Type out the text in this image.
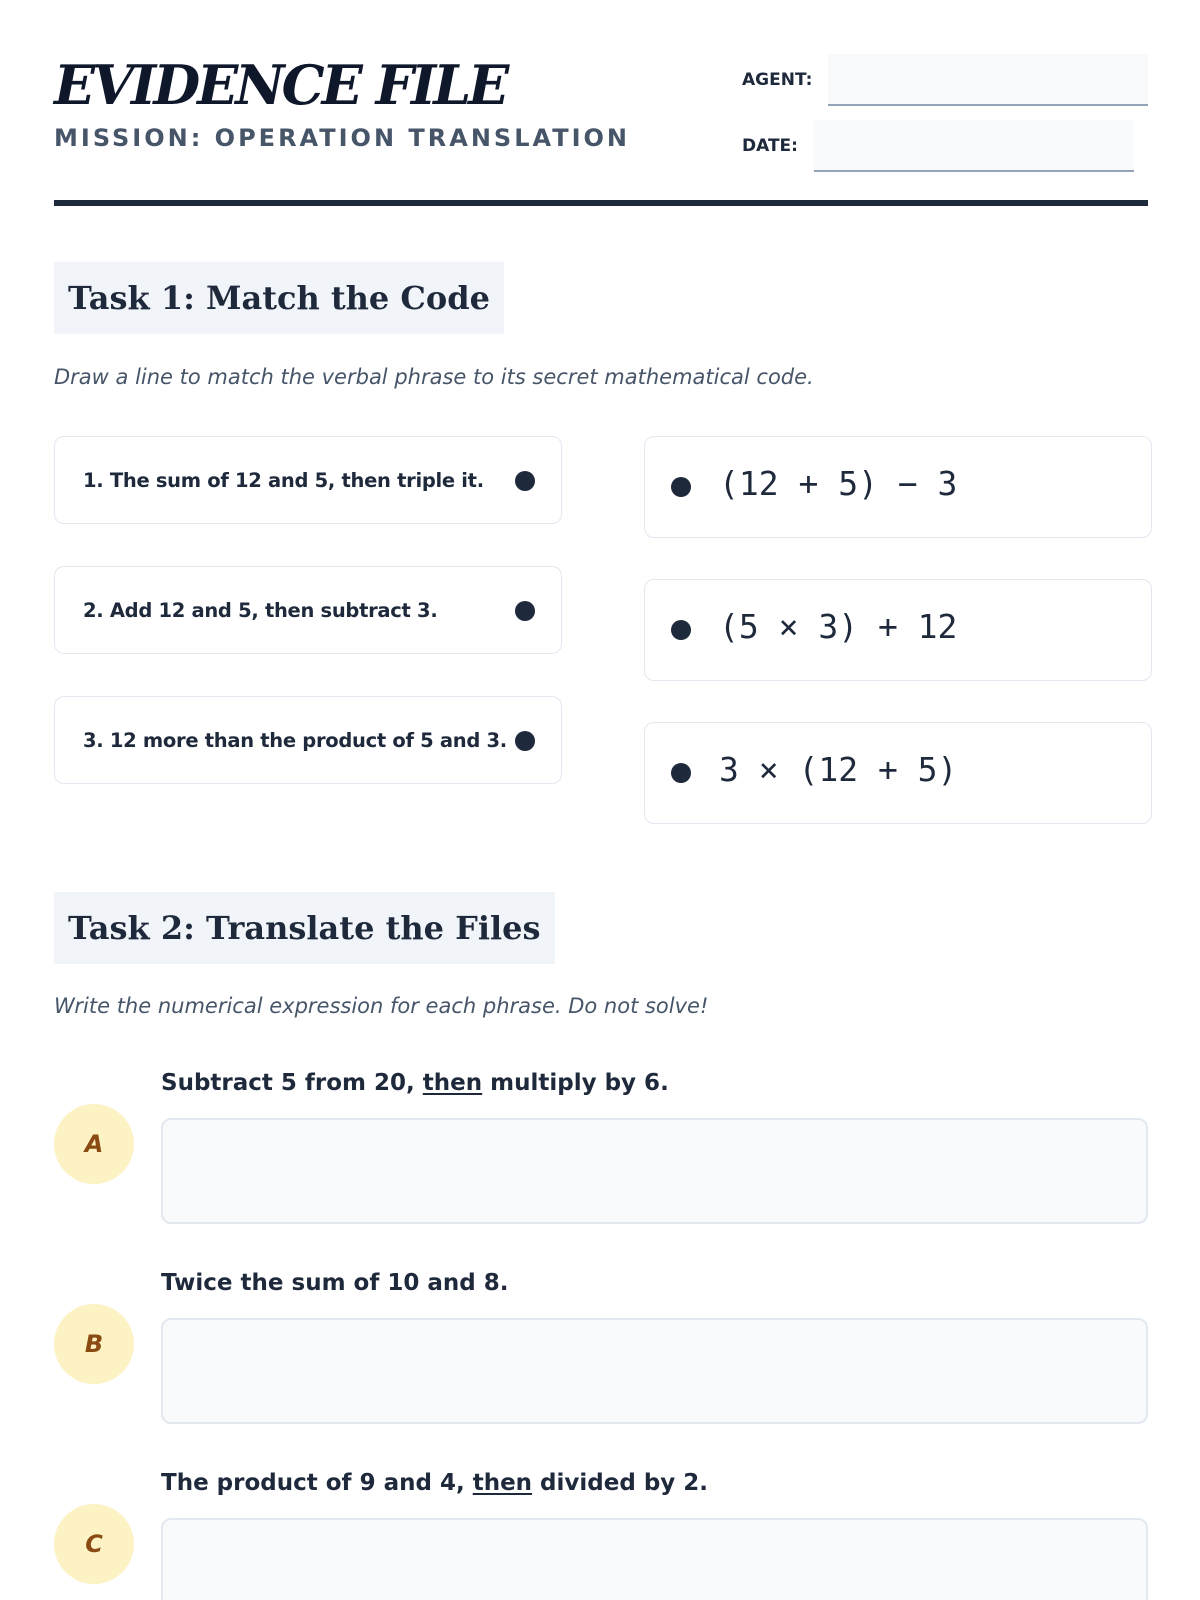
EVIDENCE FILE
MISSION: OPERATION TRANSLATION
AGENT:
DATE:
Task 1: Match the Code
Draw a line to match the verbal phrase to its secret mathematical code.
1. The sum of 12 and 5, then triple it.
2. Add 12 and 5, then subtract 3.
3. 12 more than the product of 5 and 3.
(12 + 5) − 3
(5 × 3) + 12
3 × (12 + 5)
Task 2: Translate the Files
Write the numerical expression for each phrase. Do not solve!
Subtract 5 from 20, then multiply by 6.
A
Twice the sum of 10 and 8.
B
The product of 9 and 4, then divided by 2.
C
